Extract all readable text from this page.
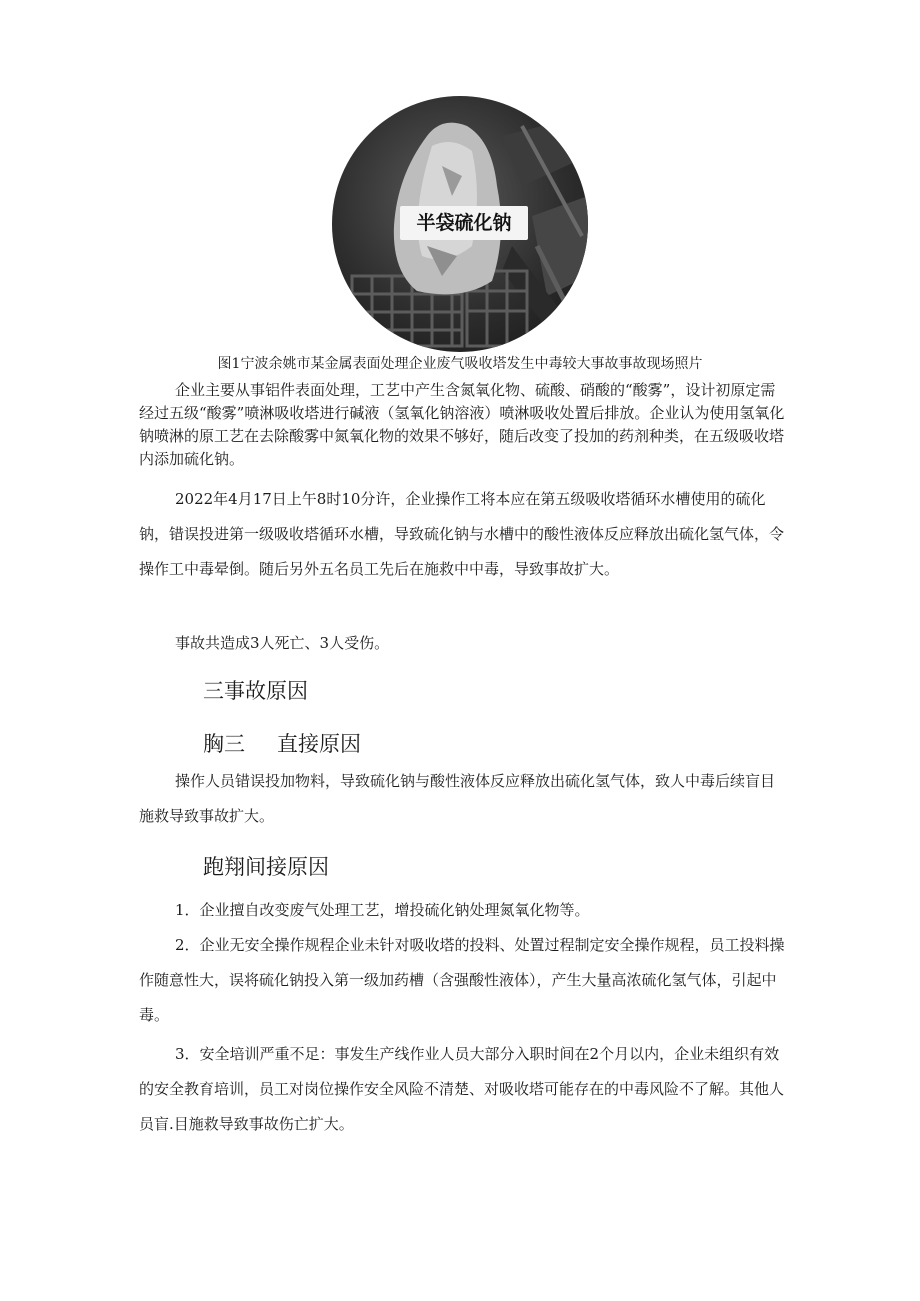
半袋硫化钠
图1宁波余姚市某金属表面处理企业废气吸收塔发生中毒较大事故事故现场照片

企业主要从事铝件表面处理，工艺中产生含氮氧化物、硫酸、硝酸的“酸雾”，设计初原定需经过五级“酸雾”喷淋吸收塔进行碱液（氢氧化钠溶液）喷淋吸收处置后排放。企业认为使用氢氧化钠喷淋的原工艺在去除酸雾中氮氧化物的效果不够好，随后改变了投加的药剂种类，在五级吸收塔内添加硫化钠。

2022年4月17日上午8时10分许，企业操作工将本应在第五级吸收塔循环水槽使用的硫化钠，错误投进第一级吸收塔循环水槽，导致硫化钠与水槽中的酸性液体反应释放出硫化氢气体，令操作工中毒晕倒。随后另外五名员工先后在施救中中毒，导致事故扩大。

事故共造成3人死亡、3人受伤。

三事故原因
胸三 直接原因

操作人员错误投加物料，导致硫化钠与酸性液体反应释放出硫化氢气体，致人中毒后续盲目施救导致事故扩大。

跑翔间接原因

1．企业擅自改变废气处理工艺，增投硫化钠处理氮氧化物等。

2．企业无安全操作规程企业未针对吸收塔的投料、处置过程制定安全操作规程，员工投料操作随意性大，误将硫化钠投入第一级加药槽（含强酸性液体），产生大量高浓硫化氢气体，引起中毒。

3．安全培训严重不足：事发生产线作业人员大部分入职时间在2个月以内，企业未组织有效的安全教育培训，员工对岗位操作安全风险不清楚、对吸收塔可能存在的中毒风险不了解。其他人员盲.目施救导致事故伤亡扩大。
